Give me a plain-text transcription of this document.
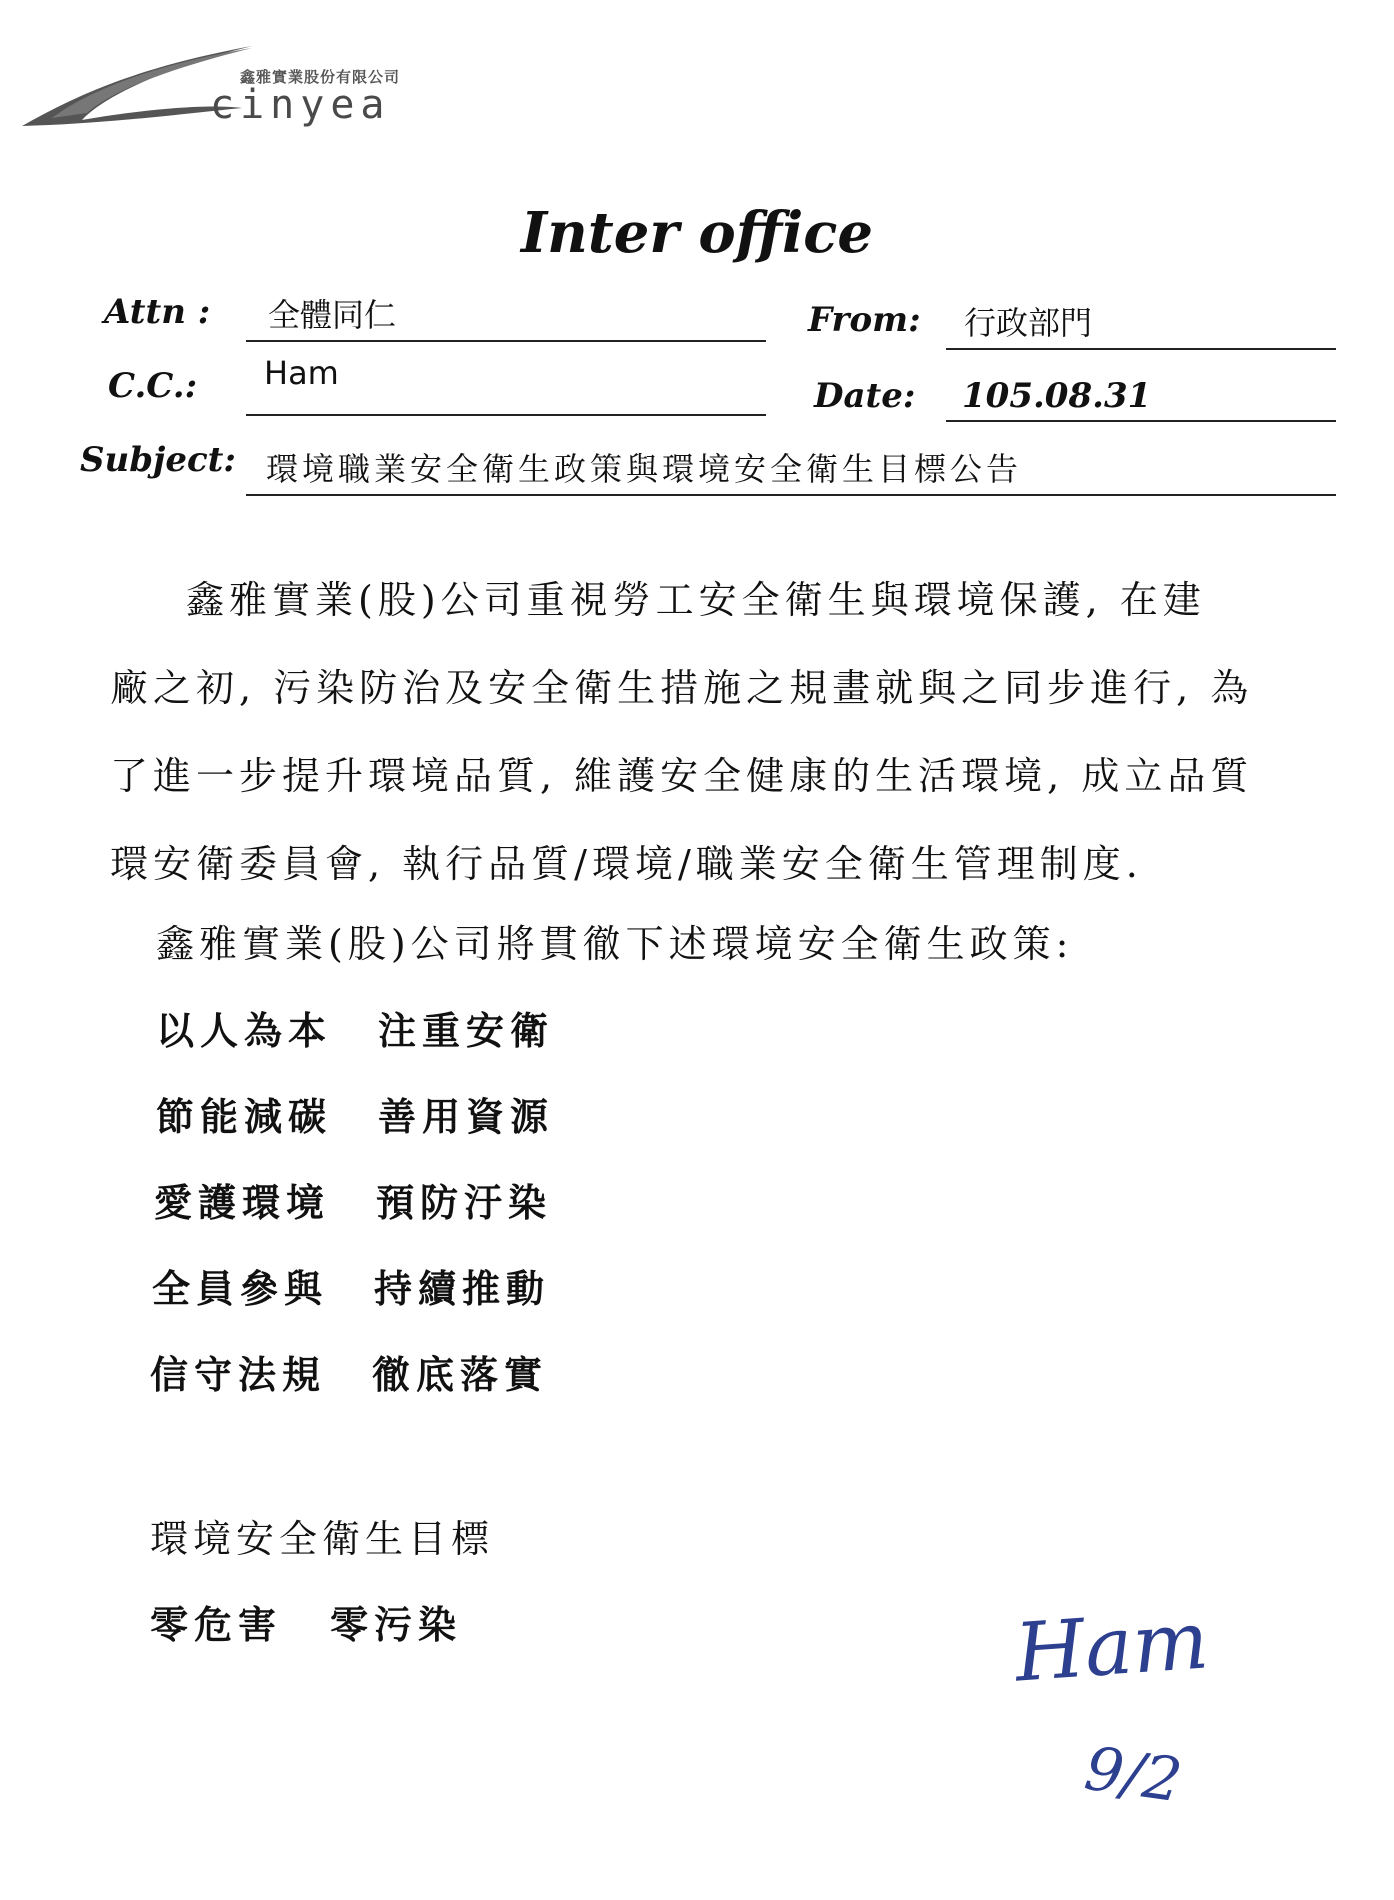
鑫雅實業股份有限公司
cinyea
Inter office
Attn : 全體同仁	From: 行政部門
C.C.: Ham
Date: 105.08.31
Subject: 環境職業安全衛生政策與環境安全衛生目標公告

鑫雅實業(股)公司重視勞工安全衛生與環境保護, 在建

廠之初, 污染防治及安全衛生措施之規畫就與之同步進行, 為

了進一步提升環境品質, 維護安全健康的生活環境, 成立品質

環安衛委員會, 執行品質/環境/職業安全衛生管理制度.

鑫雅實業(股)公司將貫徹下述環境安全衛生政策:
以人為本 注重安衛
節能減碳 善用資源
愛護環境 預防汙染
全員參與 持續推動
信守法規 徹底落實
環境安全衛生目標
零危害 零污染	Ham
9/2
